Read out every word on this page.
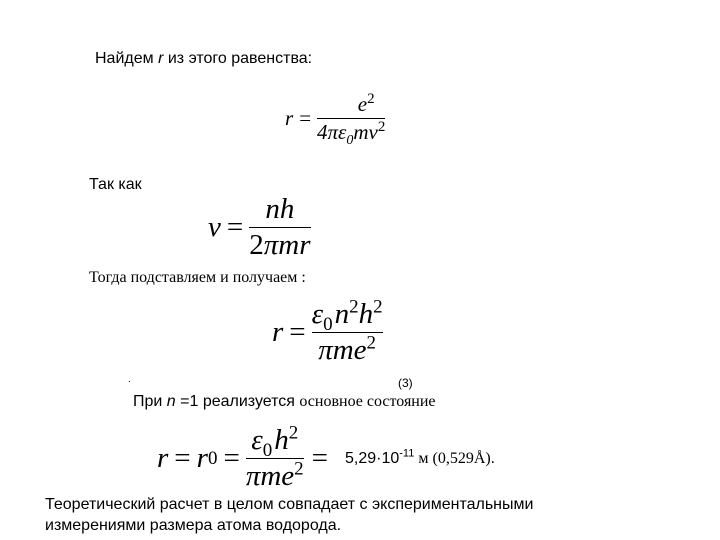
Найдем r из этого равенства:
$r = \frac{e^2}{4\pi\varepsilon_0mv^2}$
Так как
$v = \frac{nh}{\text{2πmr}}$
Тогда подставляем и получаем :
$r = \frac{\varepsilon_0n^2h^2}{\pi me^2}$
.	(3)
При n =1 реализуется основное состояние
r = r $0 = \frac{\varepsilon_0h^2}{\pi me^2} = 5,29\cdot 10^{-11}$ м (0,529Å).
Теоретический расчет в целом совпадает с экспериментальными
измерениями размера атома водорода.
